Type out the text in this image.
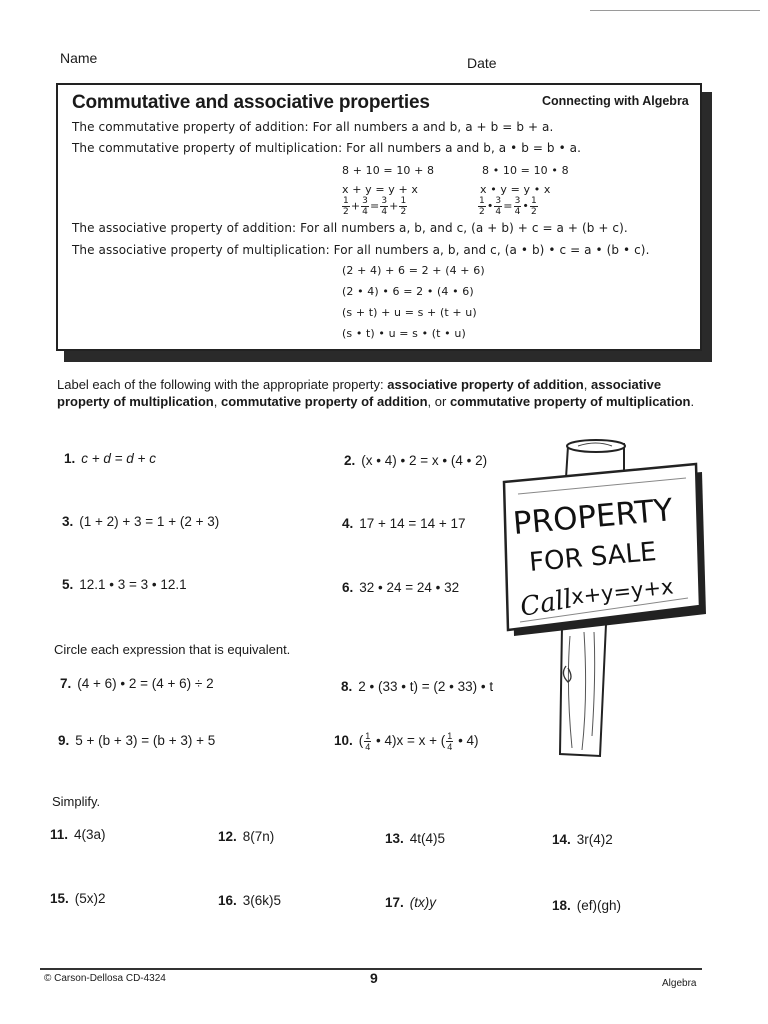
Name	Date
Commutative and associative properties	Connecting with Algebra
The commutative property of addition: For all numbers a and b, a + b = b + a.
The commutative property of multiplication: For all numbers a and b, a • b = b • a.
8 + 10 = 10 + 8	8 • 10 = 10 • 8
x + y = y + x	x • y = y • x
$\frac{1}{2} + \frac{3}{4} = \frac{3}{4} + \frac{1}{2}$	$\frac{1}{2}$ • $\frac{3}{4} = \frac{3}{4}$ • $\frac{1}{2}$
The associative property of addition: For all numbers a, b, and c, (a + b) + c = a + (b + c).
The associative property of multiplication: For all numbers a, b, and c, (a • b) • c = a • (b • c).
(2 + 4) + 6 = 2 + (4 + 6)
(2 • 4) • 6 = 2 • (4 • 6)
(s + t) + u = s + (t + u)
(s • t) • u = s • (t • u)
Label each of the following with the appropriate property: associative property of addition, associative property of multiplication, commutative property of addition, or commutative property of multiplication.
1. c + d = d + c	2. (x • 4) • 2 = x • (4 • 2)
3. (1 + 2) + 3 = 1 + (2 + 3)	4. 17 + 14 = 14 + 17
5. 12.1 • 3 = 3 • 12.1	6. 32 • 24 = 24 • 32
Circle each expression that is equivalent.
7. (4 + 6) • 2 = (4 + 6) ÷ 2	8. 2 • (33 • t) = (2 • 33) • t
9. 5 + (b + 3) = (b + 3) + 5	10. ( $\frac{1}{4}$ • 4)x = x + ( $\frac{1}{4}$ • 4)
Simplify.
11. 4(3a)	12. 8(7n)	13. 4t(4)5	14. 3r(4)2
15. (5x)2	16. 3(6k)5	17. (tx)y	18. (ef)(gh)
PROPERTY
FOR SALE
Call
x+y=y+x
© Carson-Dellosa CD-4324	9	Algebra
